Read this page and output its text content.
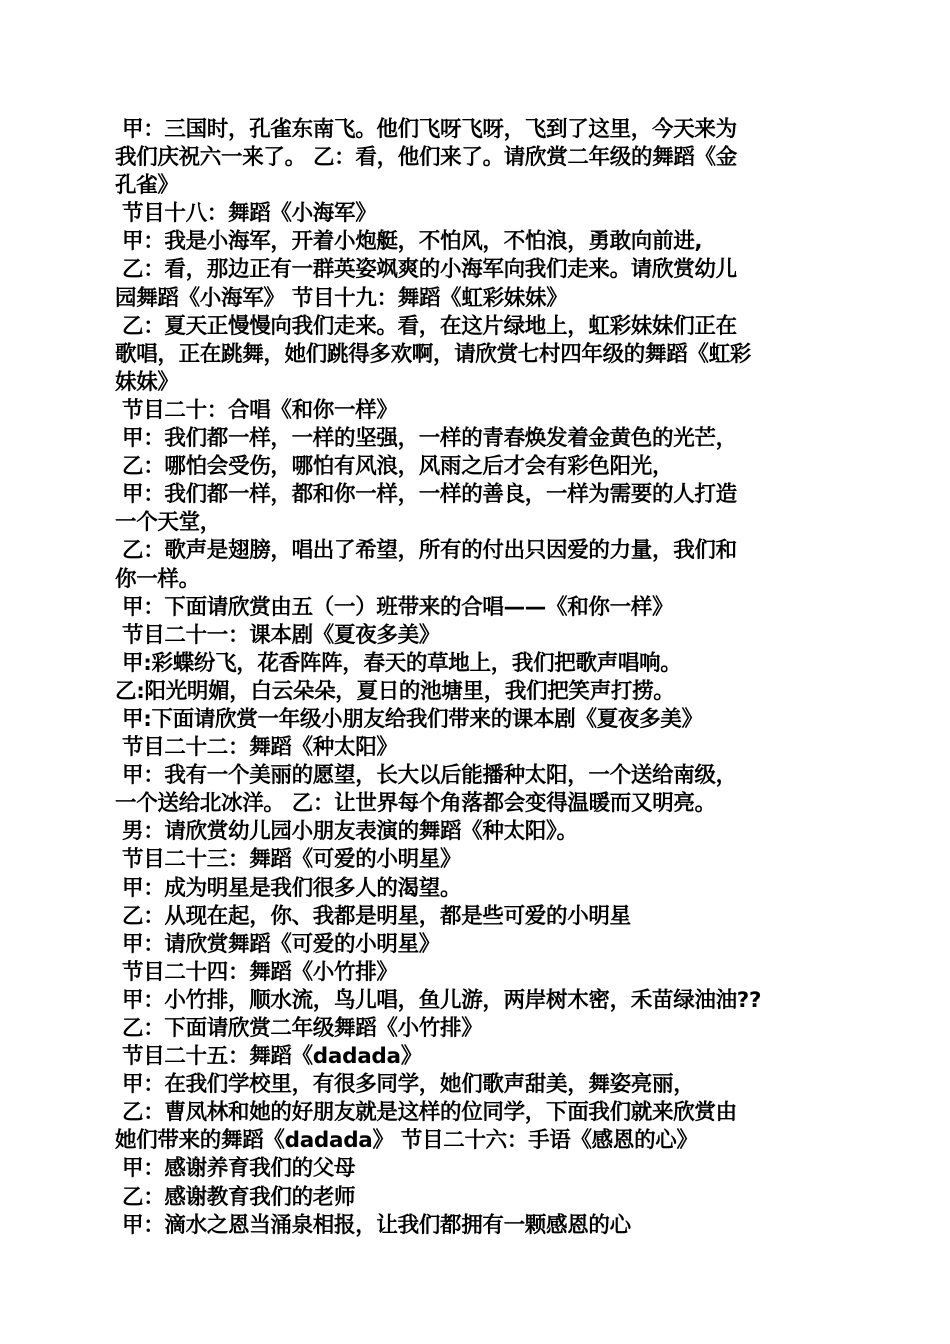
甲：三国时，孔雀东南飞。他们飞呀飞呀，飞到了这里，今天来为
我们庆祝六一来了。 乙：看，他们来了。请欣赏二年级的舞蹈《金
孔雀》
节目十八：舞蹈《小海军》
甲：我是小海军，开着小炮艇，不怕风，不怕浪，勇敢向前进,
乙：看，那边正有一群英姿飒爽的小海军向我们走来。请欣赏幼儿
园舞蹈《小海军》 节目十九：舞蹈《虹彩妹妹》
乙：夏天正慢慢向我们走来。看，在这片绿地上，虹彩妹妹们正在
歌唱，正在跳舞，她们跳得多欢啊，请欣赏七村四年级的舞蹈《虹彩
妹妹》
节目二十：合唱《和你一样》
甲：我们都一样，一样的坚强，一样的青春焕发着金黄色的光芒，
乙：哪怕会受伤，哪怕有风浪，风雨之后才会有彩色阳光，
甲：我们都一样，都和你一样，一样的善良，一样为需要的人打造
一个天堂，
乙：歌声是翅膀，唱出了希望，所有的付出只因爱的力量，我们和
你一样。
甲：下面请欣赏由五（一）班带来的合唱——《和你一样》
节目二十一：课本剧《夏夜多美》
甲:彩蝶纷飞，花香阵阵，春天的草地上，我们把歌声唱响。
乙:阳光明媚，白云朵朵，夏日的池塘里，我们把笑声打捞。
甲:下面请欣赏一年级小朋友给我们带来的课本剧《夏夜多美》
节目二十二：舞蹈《种太阳》
甲：我有一个美丽的愿望，长大以后能播种太阳，一个送给南级，
一个送给北冰洋。 乙：让世界每个角落都会变得温暖而又明亮。
男：请欣赏幼儿园小朋友表演的舞蹈《种太阳》。
节目二十三：舞蹈《可爱的小明星》
甲：成为明星是我们很多人的渴望。
乙：从现在起，你、我都是明星，都是些可爱的小明星
甲：请欣赏舞蹈《可爱的小明星》
节目二十四：舞蹈《小竹排》
甲：小竹排，顺水流，鸟儿唱，鱼儿游，两岸树木密，禾苗绿油油??
乙：下面请欣赏二年级舞蹈《小竹排》
节目二十五：舞蹈《dadada》
甲：在我们学校里，有很多同学，她们歌声甜美，舞姿亮丽，
乙：曹凤林和她的好朋友就是这样的位同学，下面我们就来欣赏由
她们带来的舞蹈《dadada》 节目二十六：手语《感恩的心》
甲：感谢养育我们的父母
乙：感谢教育我们的老师
甲：滴水之恩当涌泉相报，让我们都拥有一颗感恩的心
